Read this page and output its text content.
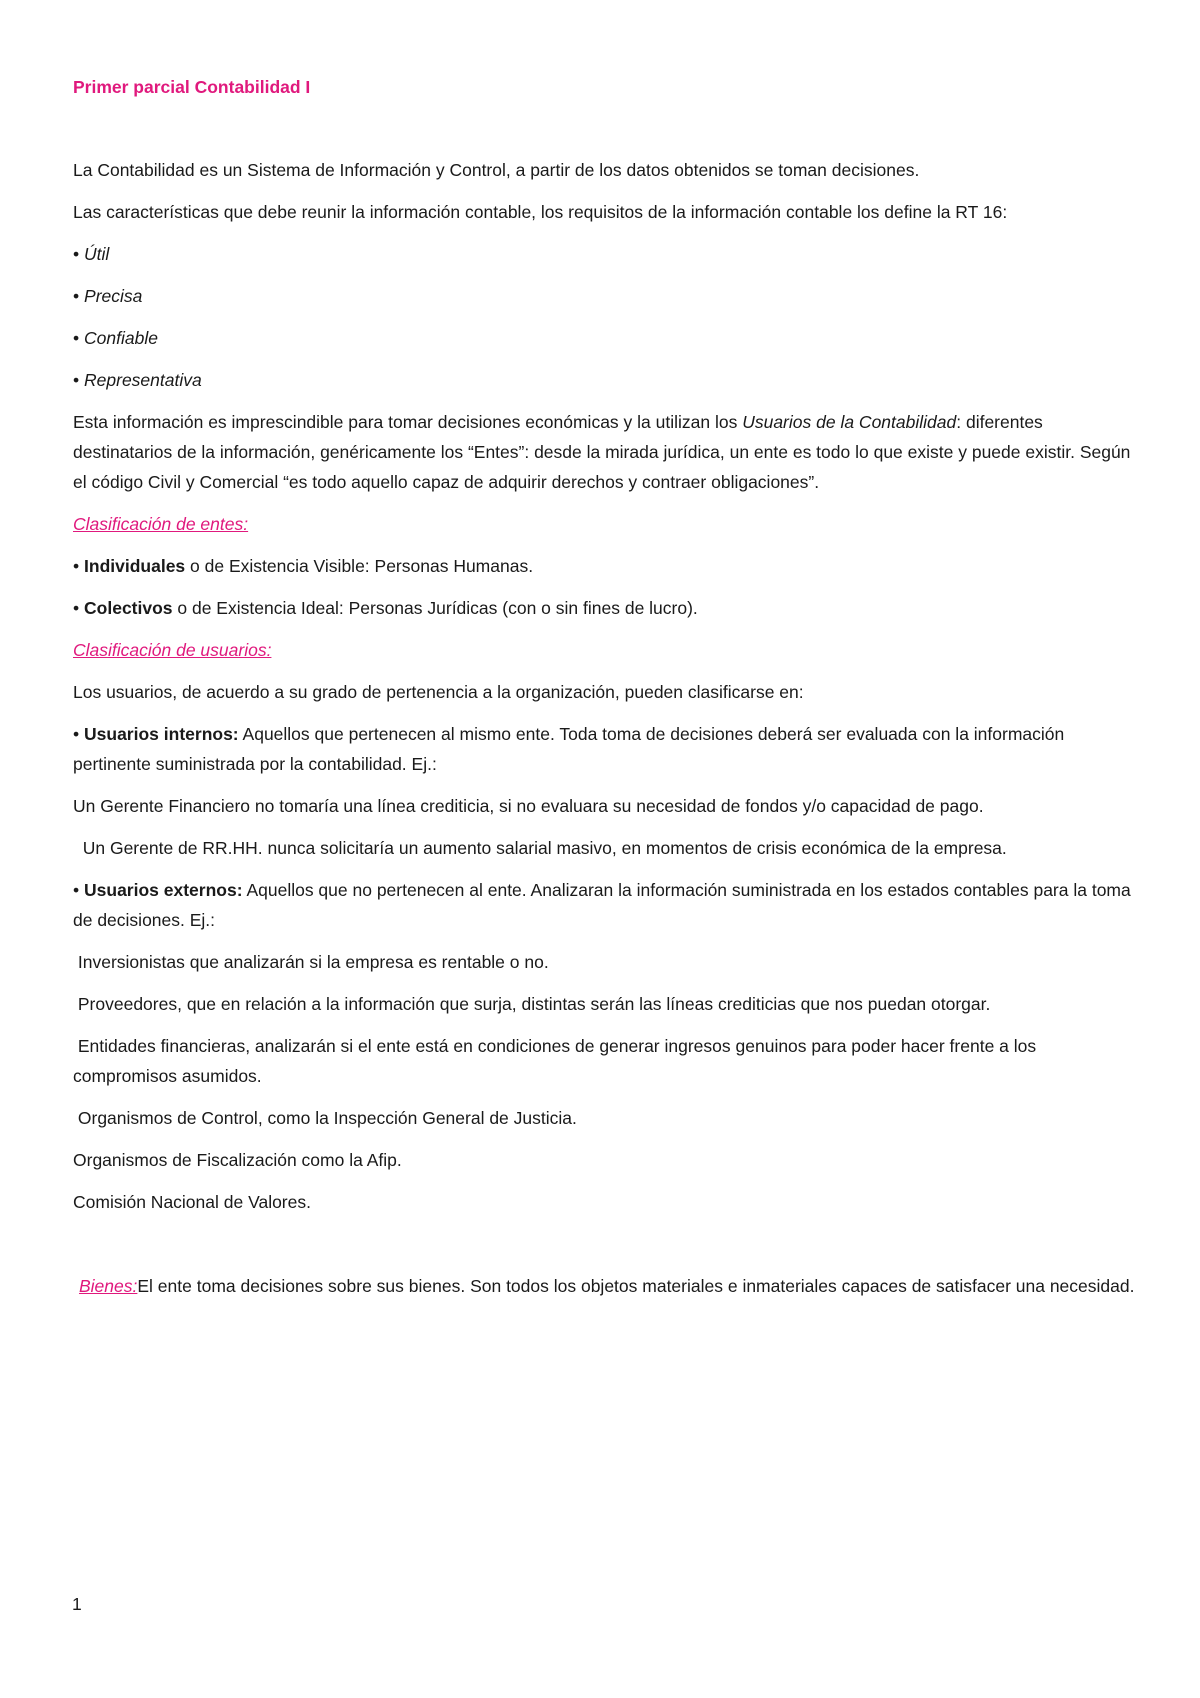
Primer parcial Contabilidad I

La Contabilidad es un Sistema de Información y Control, a partir de los datos obtenidos se toman decisiones.

Las características que debe reunir la información contable, los requisitos de la información contable los define la RT 16:

• Útil

• Precisa

• Confiable

• Representativa

Esta información es imprescindible para tomar decisiones económicas y la utilizan los Usuarios de la Contabilidad: diferentes destinatarios de la información, genéricamente los “Entes”: desde la mirada jurídica, un ente es todo lo que existe y puede existir. Según el código Civil y Comercial “es todo aquello capaz de adquirir derechos y contraer obligaciones”.

Clasificación de entes:

• Individuales o de Existencia Visible: Personas Humanas.

• Colectivos o de Existencia Ideal: Personas Jurídicas (con o sin fines de lucro).

Clasificación de usuarios:

Los usuarios, de acuerdo a su grado de pertenencia a la organización, pueden clasificarse en:

• Usuarios internos: Aquellos que pertenecen al mismo ente. Toda toma de decisiones deberá ser evaluada con la información pertinente suministrada por la contabilidad. Ej.:

Un Gerente Financiero no tomaría una línea crediticia, si no evaluara su necesidad de fondos y/o capacidad de pago.

Un Gerente de RR.HH. nunca solicitaría un aumento salarial masivo, en momentos de crisis económica de la empresa.

• Usuarios externos: Aquellos que no pertenecen al ente. Analizaran la información suministrada en los estados contables para la toma de decisiones. Ej.:

Inversionistas que analizarán si la empresa es rentable o no.

Proveedores, que en relación a la información que surja, distintas serán las líneas crediticias que nos puedan otorgar.

Entidades financieras, analizarán si el ente está en condiciones de generar ingresos genuinos para poder hacer frente a los compromisos asumidos.

Organismos de Control, como la Inspección General de Justicia.

Organismos de Fiscalización como la Afip.

Comisión Nacional de Valores.

Bienes:El ente toma decisiones sobre sus bienes. Son todos los objetos materiales e inmateriales capaces de satisfacer una necesidad.

1
